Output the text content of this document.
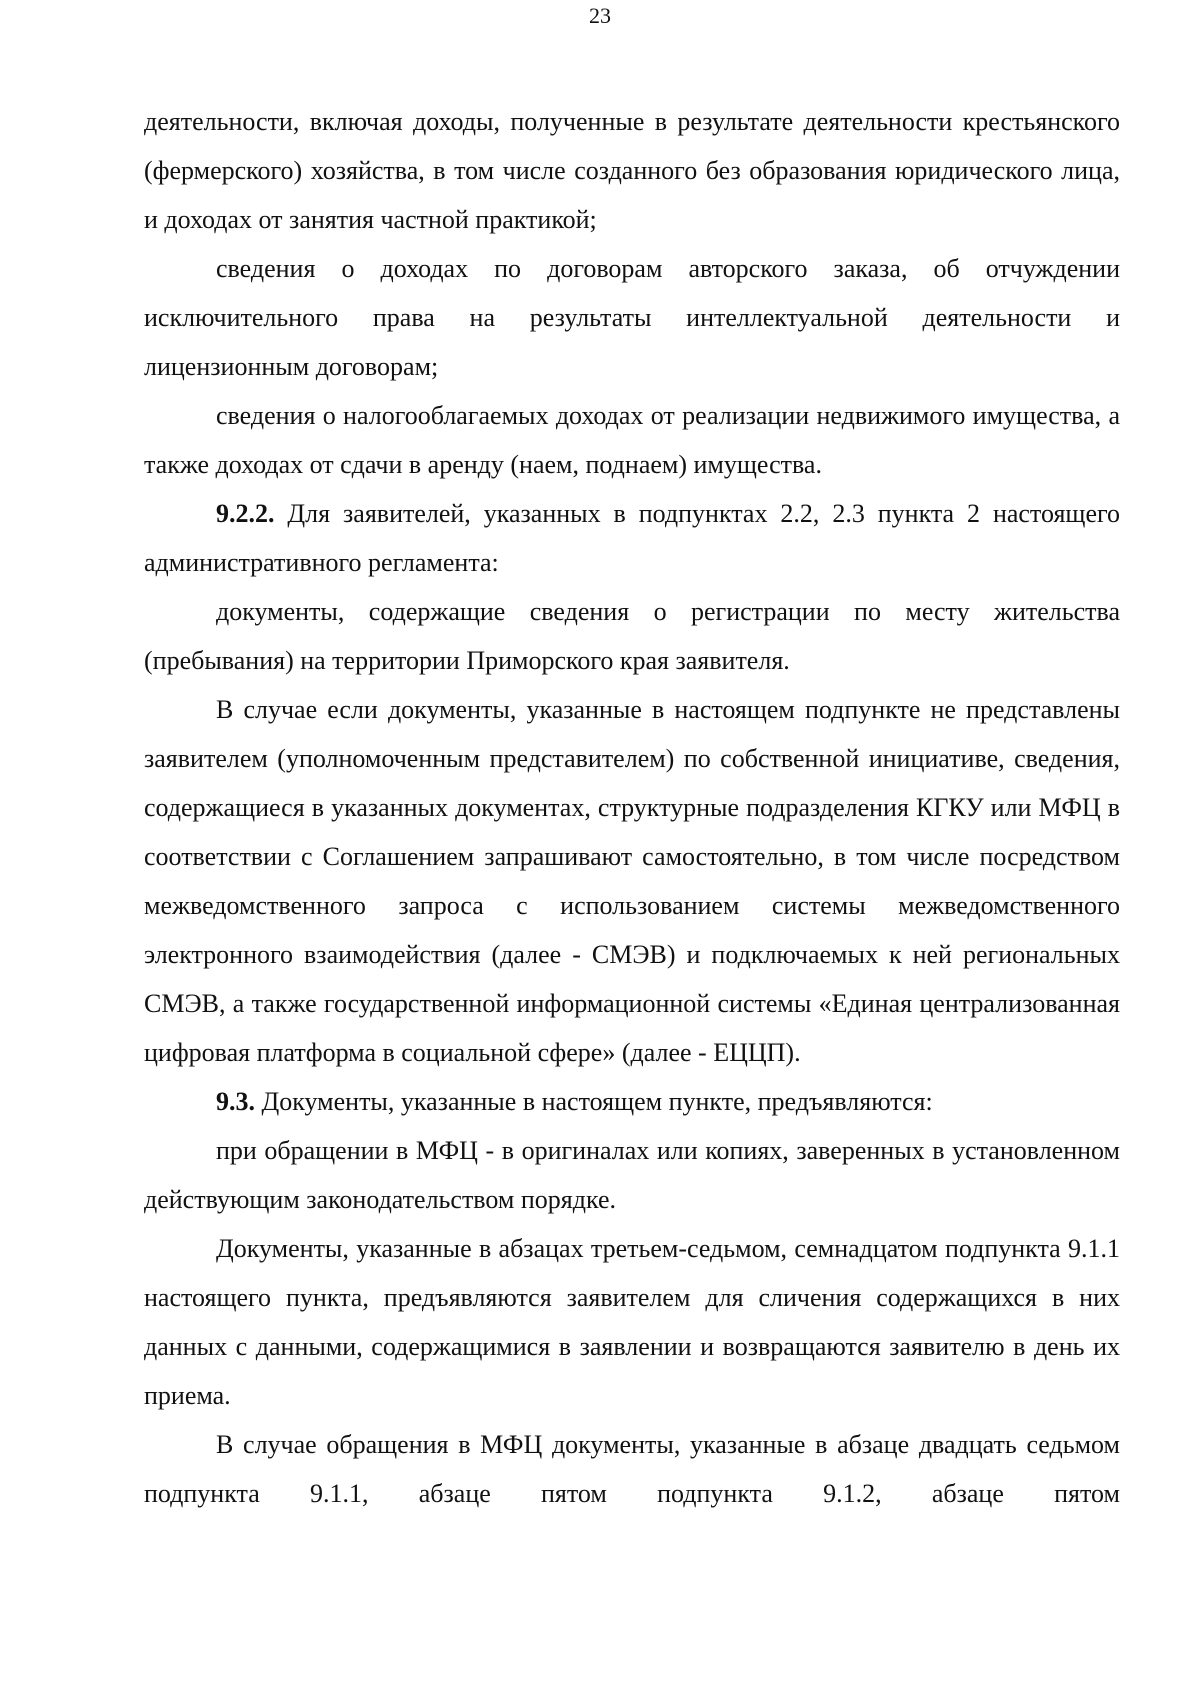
23

деятельности, включая доходы, полученные в результате деятельности крестьянского (фермерского) хозяйства, в том числе созданного без образования юридического лица, и доходах от занятия частной практикой;

сведения о доходах по договорам авторского заказа, об отчуждении исключительного права на результаты интеллектуальной деятельности и лицензионным договорам;

сведения о налогооблагаемых доходах от реализации недвижимого имущества, а также доходах от сдачи в аренду (наем, поднаем) имущества.

9.2.2. Для заявителей, указанных в подпунктах 2.2, 2.3 пункта 2 настоящего административного регламента:

документы, содержащие сведения о регистрации по месту жительства (пребывания) на территории Приморского края заявителя.

В случае если документы, указанные в настоящем подпункте не представлены заявителем (уполномоченным представителем) по собственной инициативе, сведения, содержащиеся в указанных документах, структурные подразделения КГКУ или МФЦ в соответствии с Соглашением запрашивают самостоятельно, в том числе посредством межведомственного запроса с использованием системы межведомственного электронного взаимодействия (далее - СМЭВ) и подключаемых к ней региональных СМЭВ, а также государственной информационной системы «Единая централизованная цифровая платформа в социальной сфере» (далее - ЕЦЦП).

9.3. Документы, указанные в настоящем пункте, предъявляются:

при обращении в МФЦ - в оригиналах или копиях, заверенных в установленном действующим законодательством порядке.

Документы, указанные в абзацах третьем-седьмом, семнадцатом подпункта 9.1.1 настоящего пункта, предъявляются заявителем для сличения содержащихся в них данных с данными, содержащимися в заявлении и возвращаются заявителю в день их приема.

В случае обращения в МФЦ документы, указанные в абзаце двадцать седьмом подпункта 9.1.1, абзаце пятом подпункта 9.1.2, абзаце пятом
